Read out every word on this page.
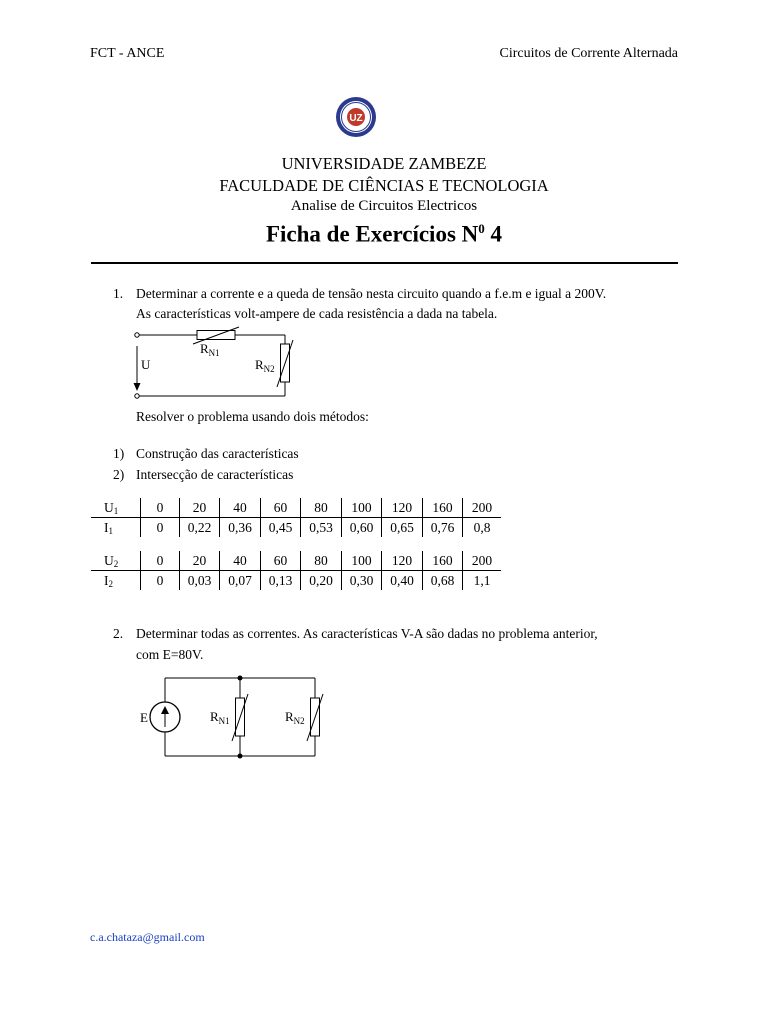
FCT - ANCE	Circuitos de Corrente Alternada
UZ
UNIVERSIDADE ZAMBEZE
FACULDADE DE CIÊNCIAS E TECNOLOGIA
Analise de Circuitos Electricos
Ficha de Exercícios $N^0$ 4
1. Determinar a corrente e a queda de tensão nesta circuito quando a f.e.m e igual a 200V.
As características volt-ampere de cada resistência a dada na tabela.
U
$R_{N1}$
$R_{N2}$
Resolver o problema usando dois métodos:
1) Construção das características
2) Intersecção de características
$U_1$	0	20	40	60	80	100	120	160	200
$I_1$	0	0,22	0,36	0,45	0,53	0,60	0,65	0,76	0,8
$U_2$	0	20	40	60	80	100	120	160	200
$I_2$	0	0,03	0,07	0,13	0,20	0,30	0,40	0,68	1,1
2. Determinar todas as correntes. As características V-A são dadas no problema anterior,
com E=80V.
E	$R_{N1}$	$R_{N2}$
c.a.chataza@gmail.com
